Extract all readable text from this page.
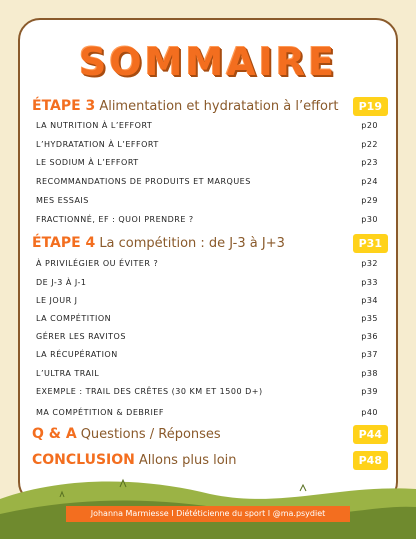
SOMMAIRE
ÉTAPE 3 Alimentation et hydratation à l’effort	P19
LA NUTRITION À L’EFFORT	p20
L’HYDRATATION À L’EFFORT	p22
LE SODIUM À L’EFFORT	p23
RECOMMANDATIONS DE PRODUITS ET MARQUES	p24
MES ESSAIS	p29
FRACTIONNÉ, EF : QUOI PRENDRE ?	p30
ÉTAPE 4 La compétition : de J-3 à J+3	P31
À PRIVILÉGIER OU ÉVITER ?	p32
DE J-3 À J-1	p33
LE JOUR J	p34
LA COMPÉTITION	p35
GÉRER LES RAVITOS	p36
LA RÉCUPÉRATION	p37
L’ULTRA TRAIL	p38
EXEMPLE : TRAIL DES CRÊTES (30 KM ET 1500 D+)	p39
MA COMPÉTITION & DEBRIEF	p40
Q & A Questions / Réponses	P44
CONCLUSION Allons plus loin	P48
Johanna Marmiesse I Diététicienne du sport I @ma.psydiet
